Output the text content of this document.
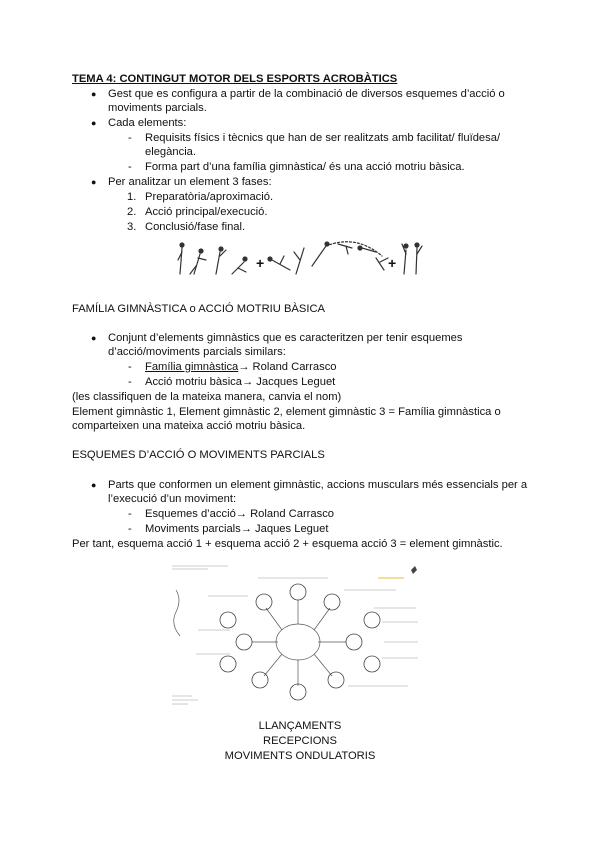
TEMA 4: CONTINGUT MOTOR DELS ESPORTS ACROBÀTICS
● Gest que es configura a partir de la combinació de diversos esquemes d’acció o
moviments parcials.
● Cada elements:
- Requisits físics i tècnics que han de ser realitzats amb facilitat/ fluïdesa/
elegància.
- Forma part d’una família gimnàstica/ és una acció motriu bàsica.
● Per analitzar un element 3 fases:
1. Preparatòria/aproximació.
2. Acció principal/execució.
3. Conclusió/fase final.
+	+
FAMÍLIA GIMNÀSTICA o ACCIÓ MOTRIU BÀSICA
● Conjunt d’elements gimnàstics que es caracteritzen per tenir esquemes
d’acció/moviments parcials similars:
- Família gimnàstica→ Roland Carrasco
- Acció motriu bàsica→ Jacques Leguet
(les classifiquen de la mateixa manera, canvia el nom)
Element gimnàstic 1, Element gimnàstic 2, element gimnàstic 3 = Família gimnàstica o
comparteixen una mateixa acció motriu bàsica.
ESQUEMES D’ACCIÓ O MOVIMENTS PARCIALS
● Parts que conformen un element gimnàstic, accions musculars més essencials per a
l’execució d’un moviment:
- Esquemes d’acció→ Roland Carrasco
- Moviments parcials→ Jaques Leguet
Per tant, esquema acció 1 + esquema acció 2 + esquema acció 3 = element gimnàstic.
LLANÇAMENTS
RECEPCIONS
MOVIMENTS ONDULATORIS
